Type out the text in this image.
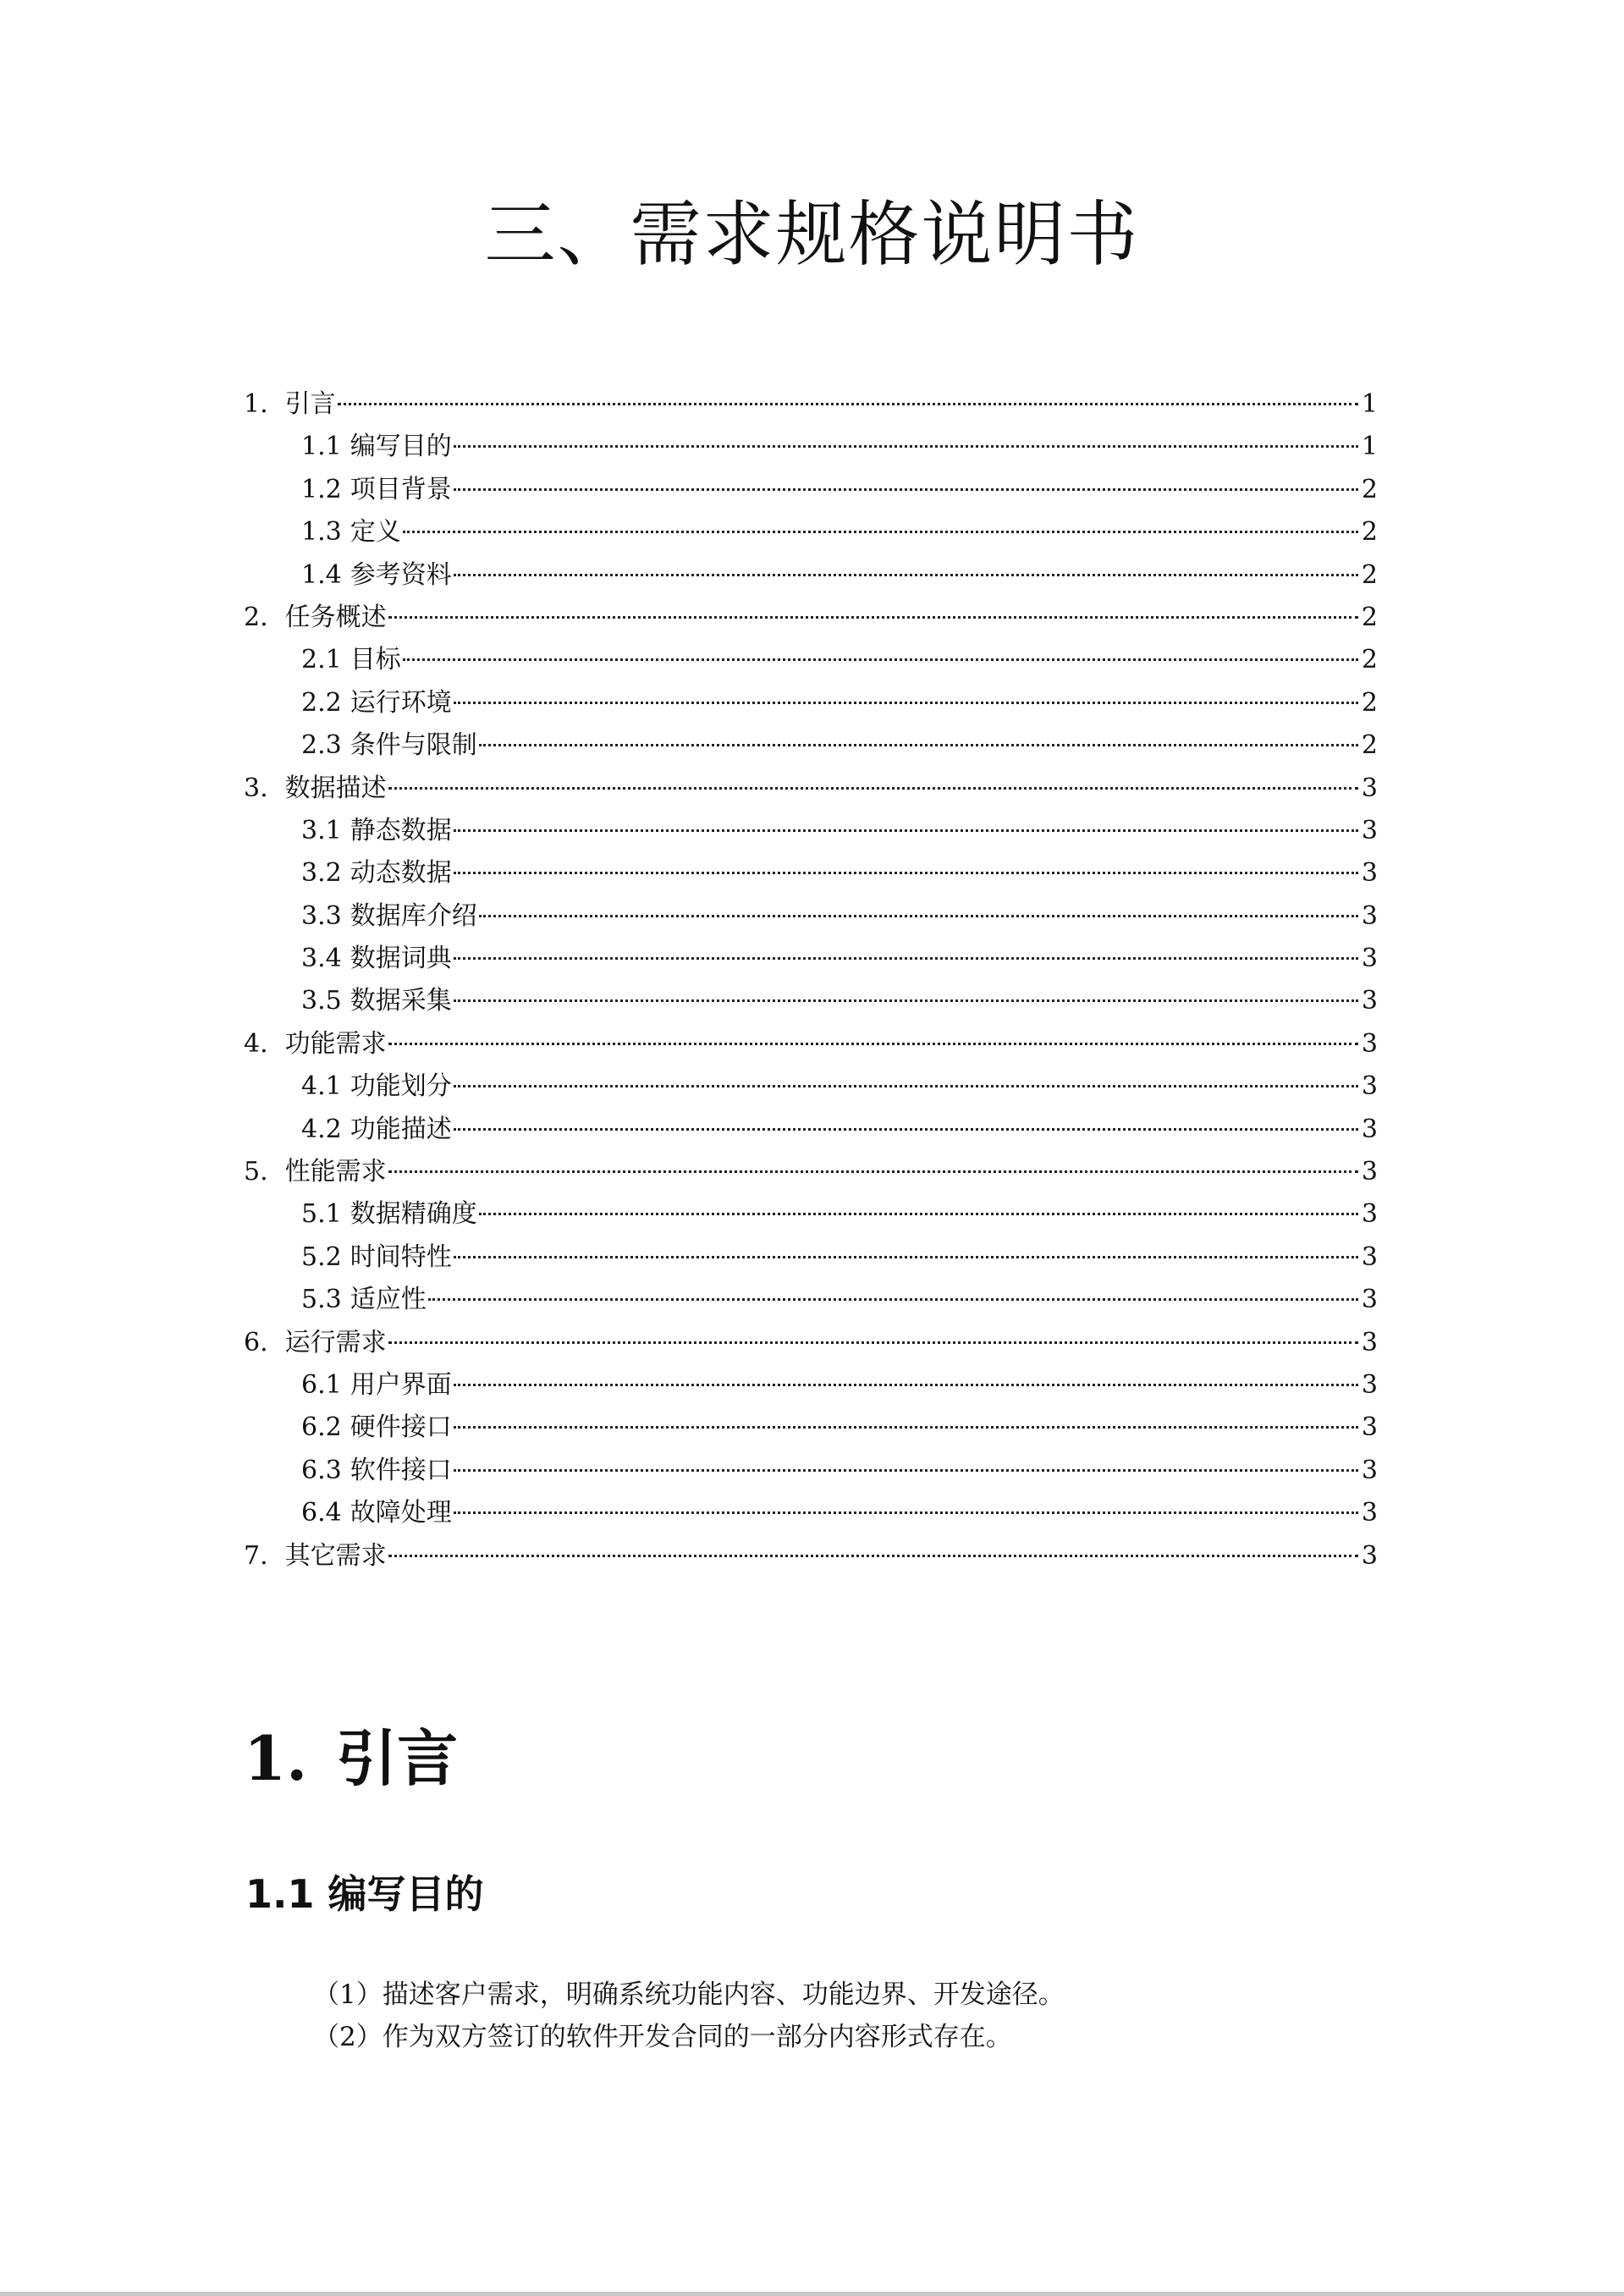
三、需求规格说明书
1. 引言	1
1.1 编写目的	1
1.2 项目背景	2
1.3 定义	2
1.4 参考资料	2
2. 任务概述	2
2.1 目标	2
2.2 运行环境	2
2.3 条件与限制	2
3. 数据描述	3
3.1 静态数据	3
3.2 动态数据	3
3.3 数据库介绍	3
3.4 数据词典	3
3.5 数据采集	3
4. 功能需求	3
4.1 功能划分	3
4.2 功能描述	3
5. 性能需求	3
5.1 数据精确度	3
5.2 时间特性	3
5.3 适应性	3
6. 运行需求	3
6.1 用户界面	3
6.2 硬件接口	3
6.3 软件接口	3
6.4 故障处理	3
7. 其它需求	3
1. 引言
1.1 编写目的

（1）描述客户需求，明确系统功能内容、功能边界、开发途径。

（2）作为双方签订的软件开发合同的一部分内容形式存在。
